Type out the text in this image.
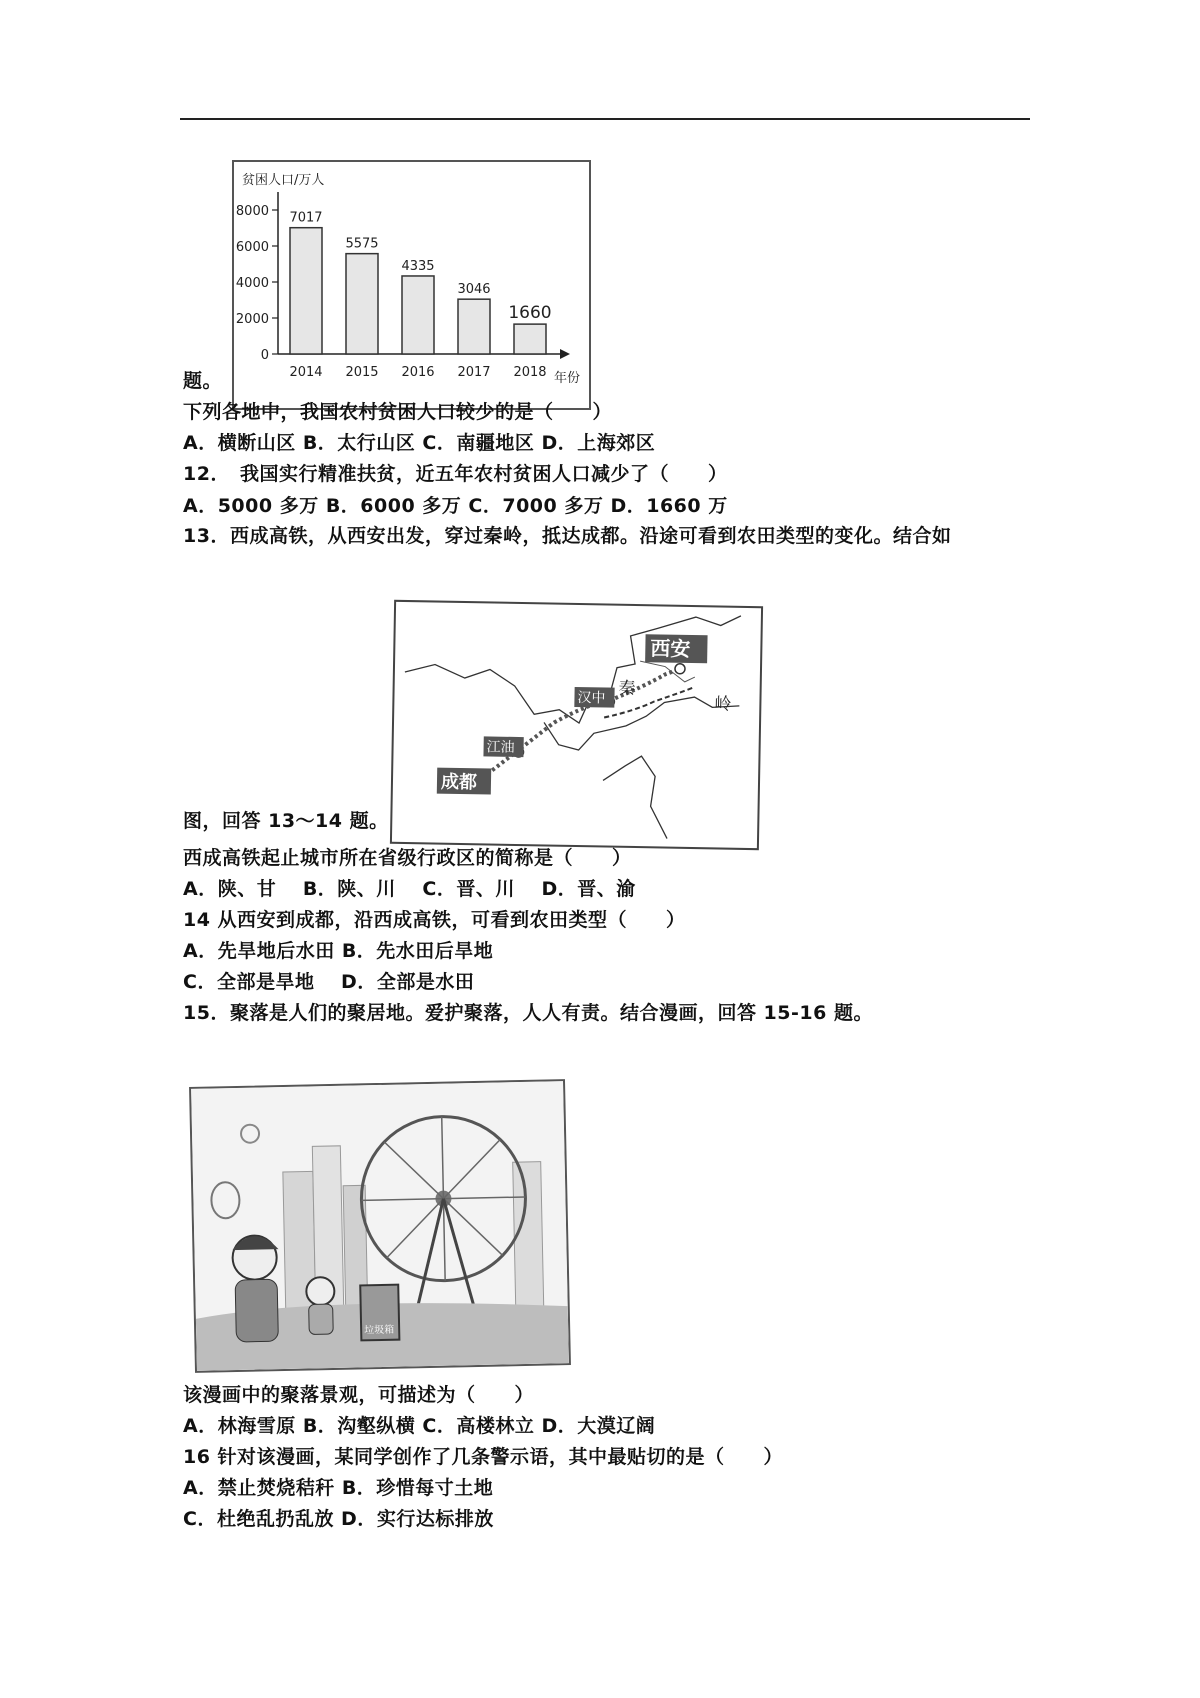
贫困人口/万人
年份
0
2000
4000
6000
8000 7017
2014
5575
2015
4335
2016
3046
2017
1660
2018
西安
汉中
江油
成都
秦
岭
垃圾箱
题。
下列各地中，我国农村贫困人口较少的是（　　）
A．横断山区 B．太行山区 C．南疆地区 D．上海郊区
12．　我国实行精准扶贫，近五年农村贫困人口减少了（　　）
A．5000 多万 B．6000 多万 C．7000 多万 D．1660 万
13．西成高铁，从西安出发，穿过秦岭，抵达成都。沿途可看到农田类型的变化。结合如
图，回答 13～14 题。
西成高铁起止城市所在省级行政区的简称是（　　）
A．陕、甘　 B．陕、川　 C．晋、川　 D．晋、渝
14 从西安到成都，沿西成高铁，可看到农田类型（　　）
A．先旱地后水田 B．先水田后旱地
C．全部是旱地　 D．全部是水田
15．聚落是人们的聚居地。爱护聚落，人人有责。结合漫画，回答 15-16 题。
该漫画中的聚落景观，可描述为（　　）
A．林海雪原 B．沟壑纵横 C．高楼林立 D．大漠辽阔
16 针对该漫画，某同学创作了几条警示语，其中最贴切的是（　　）
A．禁止焚烧秸秆 B．珍惜每寸土地
C．杜绝乱扔乱放 D．实行达标排放
